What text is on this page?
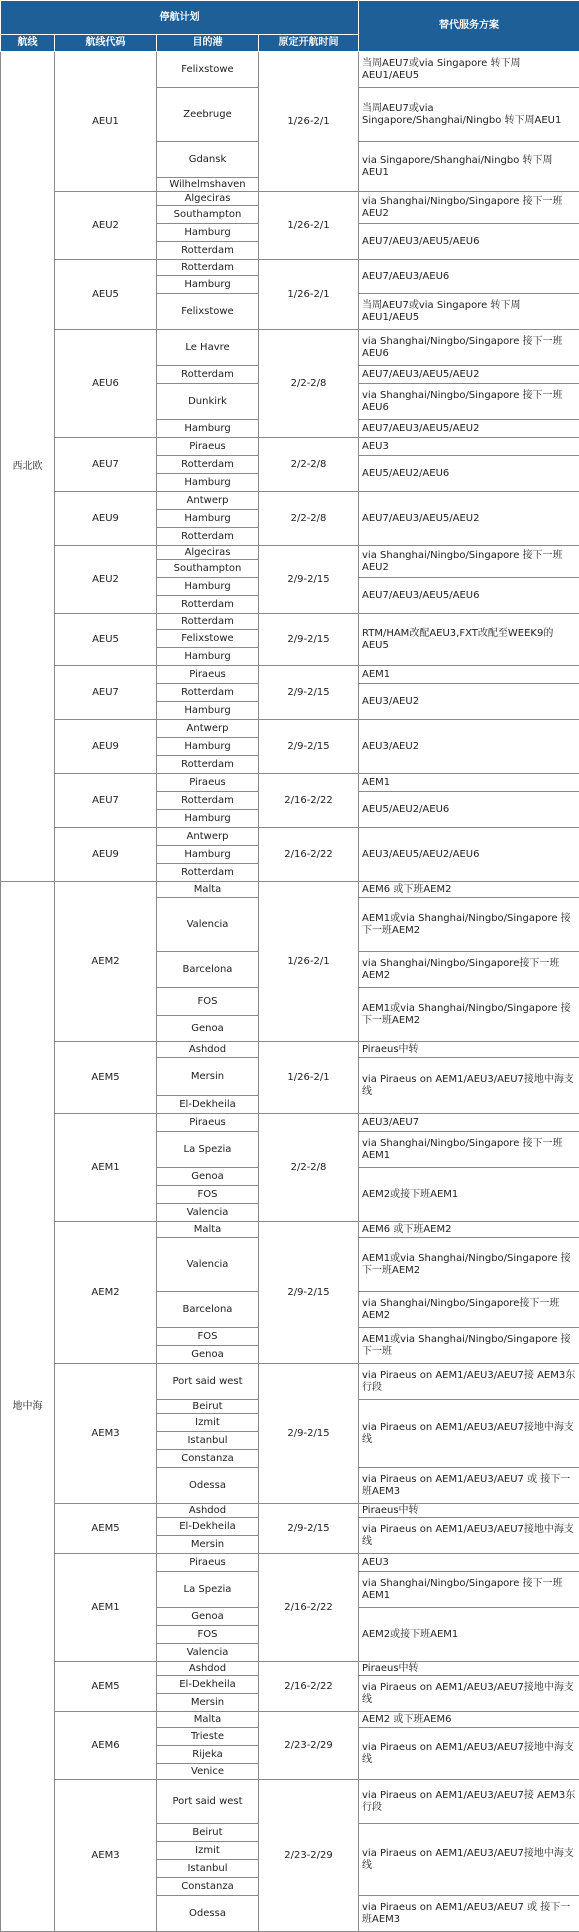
停航计划				替代服务方案
航线	航线代码	目的港	原定开航时间	
西北欧	AEU1	Felixstowe	1/26-2/1	当周AEU7或via Singapore 转下周AEU1/AEU5
		Zeebruge		当周AEU7或via Singapore/Shanghai/Ningbo 转下周AEU1
		Gdansk		via Singapore/Shanghai/Ningbo 转下周AEU1
		Wilhelmshaven		
	AEU2	Algeciras	1/26-2/1	via Shanghai/Ningbo/Singapore 接下一班 AEU2
		Southampton		
		Hamburg		AEU7/AEU3/AEU5/AEU6
		Rotterdam		
	AEU5	Rotterdam	1/26-2/1	AEU7/AEU3/AEU6
		Hamburg		
		Felixstowe		当周AEU7或via Singapore 转下周AEU1/AEU5
	AEU6	Le Havre	2/2-2/8	via Shanghai/Ningbo/Singapore 接下一班 AEU6
		Rotterdam		AEU7/AEU3/AEU5/AEU2
		Dunkirk		via Shanghai/Ningbo/Singapore 接下一班 AEU6
		Hamburg		AEU7/AEU3/AEU5/AEU2
	AEU7	Piraeus	2/2-2/8	AEU3
		Rotterdam		AEU5/AEU2/AEU6
		Hamburg		
	AEU9	Antwerp	2/2-2/8	AEU7/AEU3/AEU5/AEU2
		Hamburg		
		Rotterdam		
	AEU2	Algeciras	2/9-2/15	via Shanghai/Ningbo/Singapore 接下一班 AEU2
		Southampton		
		Hamburg		AEU7/AEU3/AEU5/AEU6
		Rotterdam		
	AEU5	Rotterdam	2/9-2/15	RTM/HAM改配AEU3,FXT改配至WEEK9的AEU5
		Felixstowe		
		Hamburg		
	AEU7	Piraeus	2/9-2/15	AEM1
		Rotterdam		AEU3/AEU2
		Hamburg		
	AEU9	Antwerp	2/9-2/15	AEU3/AEU2
		Hamburg		
		Rotterdam		
	AEU7	Piraeus	2/16-2/22	AEM1
		Rotterdam		AEU5/AEU2/AEU6
		Hamburg		
	AEU9	Antwerp	2/16-2/22	AEU3/AEU5/AEU2/AEU6
		Hamburg		
		Rotterdam		
地中海	AEM2	Malta	1/26-2/1	AEM6 或下班AEM2
		Valencia		AEM1或via Shanghai/Ningbo/Singapore 接下一班AEM2
		Barcelona		via Shanghai/Ningbo/Singapore接下一班 AEM2
		FOS		AEM1或via Shanghai/Ningbo/Singapore 接下一班AEM2
		Genoa		
	AEM5	Ashdod	1/26-2/1	Piraeus中转
		Mersin		via Piraeus on AEM1/AEU3/AEU7接地中海支线
		El-Dekheila		
	AEM1	Piraeus	2/2-2/8	AEU3/AEU7
		La Spezia		via Shanghai/Ningbo/Singapore 接下一班 AEM1
		Genoa		AEM2或接下班AEM1
		FOS		
		Valencia		
	AEM2	Malta	2/9-2/15	AEM6 或下班AEM2
		Valencia		AEM1或via Shanghai/Ningbo/Singapore 接下一班AEM2
		Barcelona		via Shanghai/Ningbo/Singapore接下一班 AEM2
		FOS		AEM1或via Shanghai/Ningbo/Singapore 接下一班
		Genoa		
	AEM3	Port said west	2/9-2/15	via Piraeus on AEM1/AEU3/AEU7接 AEM3东行段
		Beirut		via Piraeus on AEM1/AEU3/AEU7接地中海支线
		Izmit		
		Istanbul		
		Constanza		
		Odessa		via Piraeus on AEM1/AEU3/AEU7 或 接下一班AEM3
	AEM5	Ashdod	2/9-2/15	Piraeus中转
		El-Dekheila		via Piraeus on AEM1/AEU3/AEU7接地中海支线
		Mersin		
	AEM1	Piraeus	2/16-2/22	AEU3
		La Spezia		via Shanghai/Ningbo/Singapore 接下一班 AEM1
		Genoa		AEM2或接下班AEM1
		FOS		
		Valencia		
	AEM5	Ashdod	2/16-2/22	Piraeus中转
		El-Dekheila		via Piraeus on AEM1/AEU3/AEU7接地中海支线
		Mersin		
	AEM6	Malta	2/23-2/29	AEM2 或下班AEM6
		Trieste		via Piraeus on AEM1/AEU3/AEU7接地中海支线
		Rijeka		
		Venice		
	AEM3	Port said west	2/23-2/29	via Piraeus on AEM1/AEU3/AEU7接 AEM3东行段
		Beirut		via Piraeus on AEM1/AEU3/AEU7接地中海支线
		Izmit		
		Istanbul		
		Constanza		
		Odessa		via Piraeus on AEM1/AEU3/AEU7 或 接下一班AEM3
